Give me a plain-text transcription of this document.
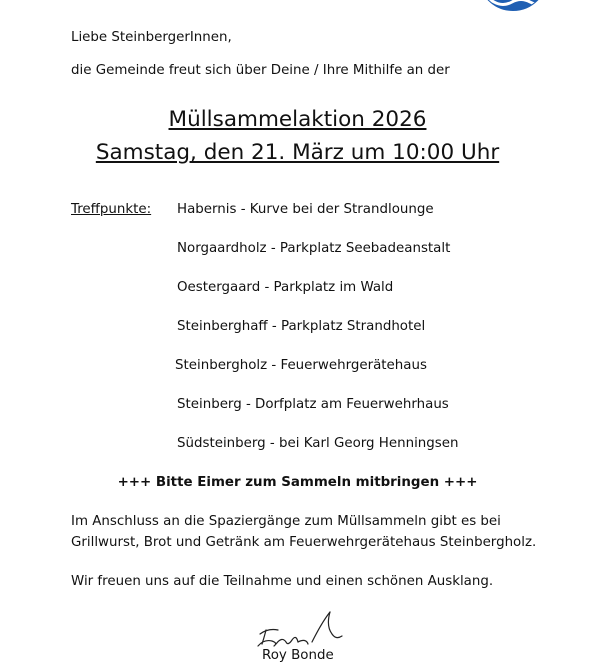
Liebe SteinbergerInnen,

die Gemeinde freut sich über Deine / Ihre Mithilfe an der

Müllsammelaktion 2026
Samstag, den 21. März um 10:00 Uhr
Treffpunkte: Habernis - Kurve bei der Strandlounge
Norgaardholz - Parkplatz Seebadeanstalt
Oestergaard - Parkplatz im Wald
Steinberghaff - Parkplatz Strandhotel
Steinbergholz - Feuerwehrgerätehaus
Steinberg - Dorfplatz am Feuerwehrhaus
Südsteinberg - bei Karl Georg Henningsen
+++ Bitte Eimer zum Sammeln mitbringen +++

Im Anschluss an die Spaziergänge zum Müllsammeln gibt es bei Grillwurst, Brot und Getränk am Feuerwehrgerätehaus Steinbergholz.

Wir freuen uns auf die Teilnahme und einen schönen Ausklang.

Roy Bonde
